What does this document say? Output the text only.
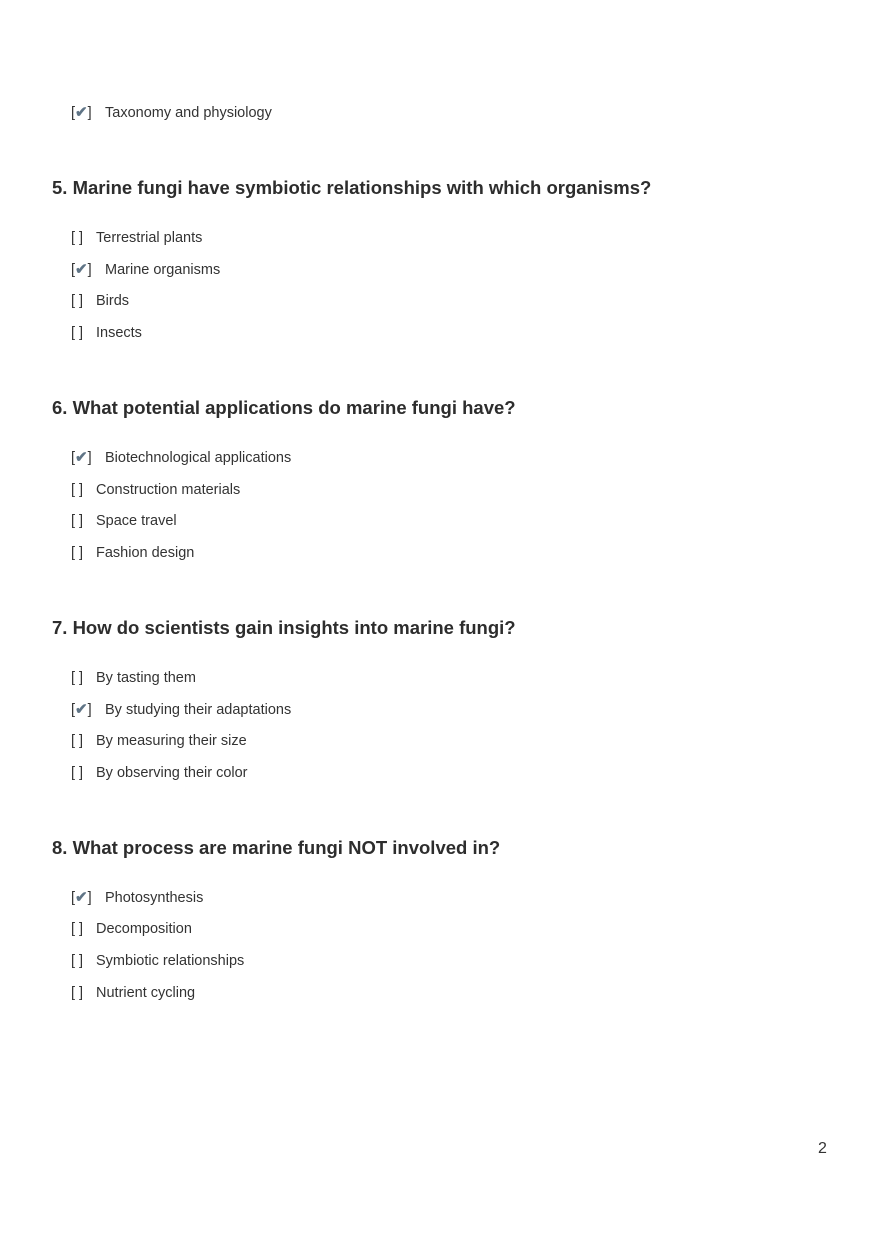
[✔] Taxonomy and physiology
5. Marine fungi have symbiotic relationships with which organisms?
[ ] Terrestrial plants
[✔] Marine organisms
[ ] Birds
[ ] Insects
6. What potential applications do marine fungi have?
[✔] Biotechnological applications
[ ] Construction materials
[ ] Space travel
[ ] Fashion design
7. How do scientists gain insights into marine fungi?
[ ] By tasting them
[✔] By studying their adaptations
[ ] By measuring their size
[ ] By observing their color
8. What process are marine fungi NOT involved in?
[✔] Photosynthesis
[ ] Decomposition
[ ] Symbiotic relationships
[ ] Nutrient cycling
2
